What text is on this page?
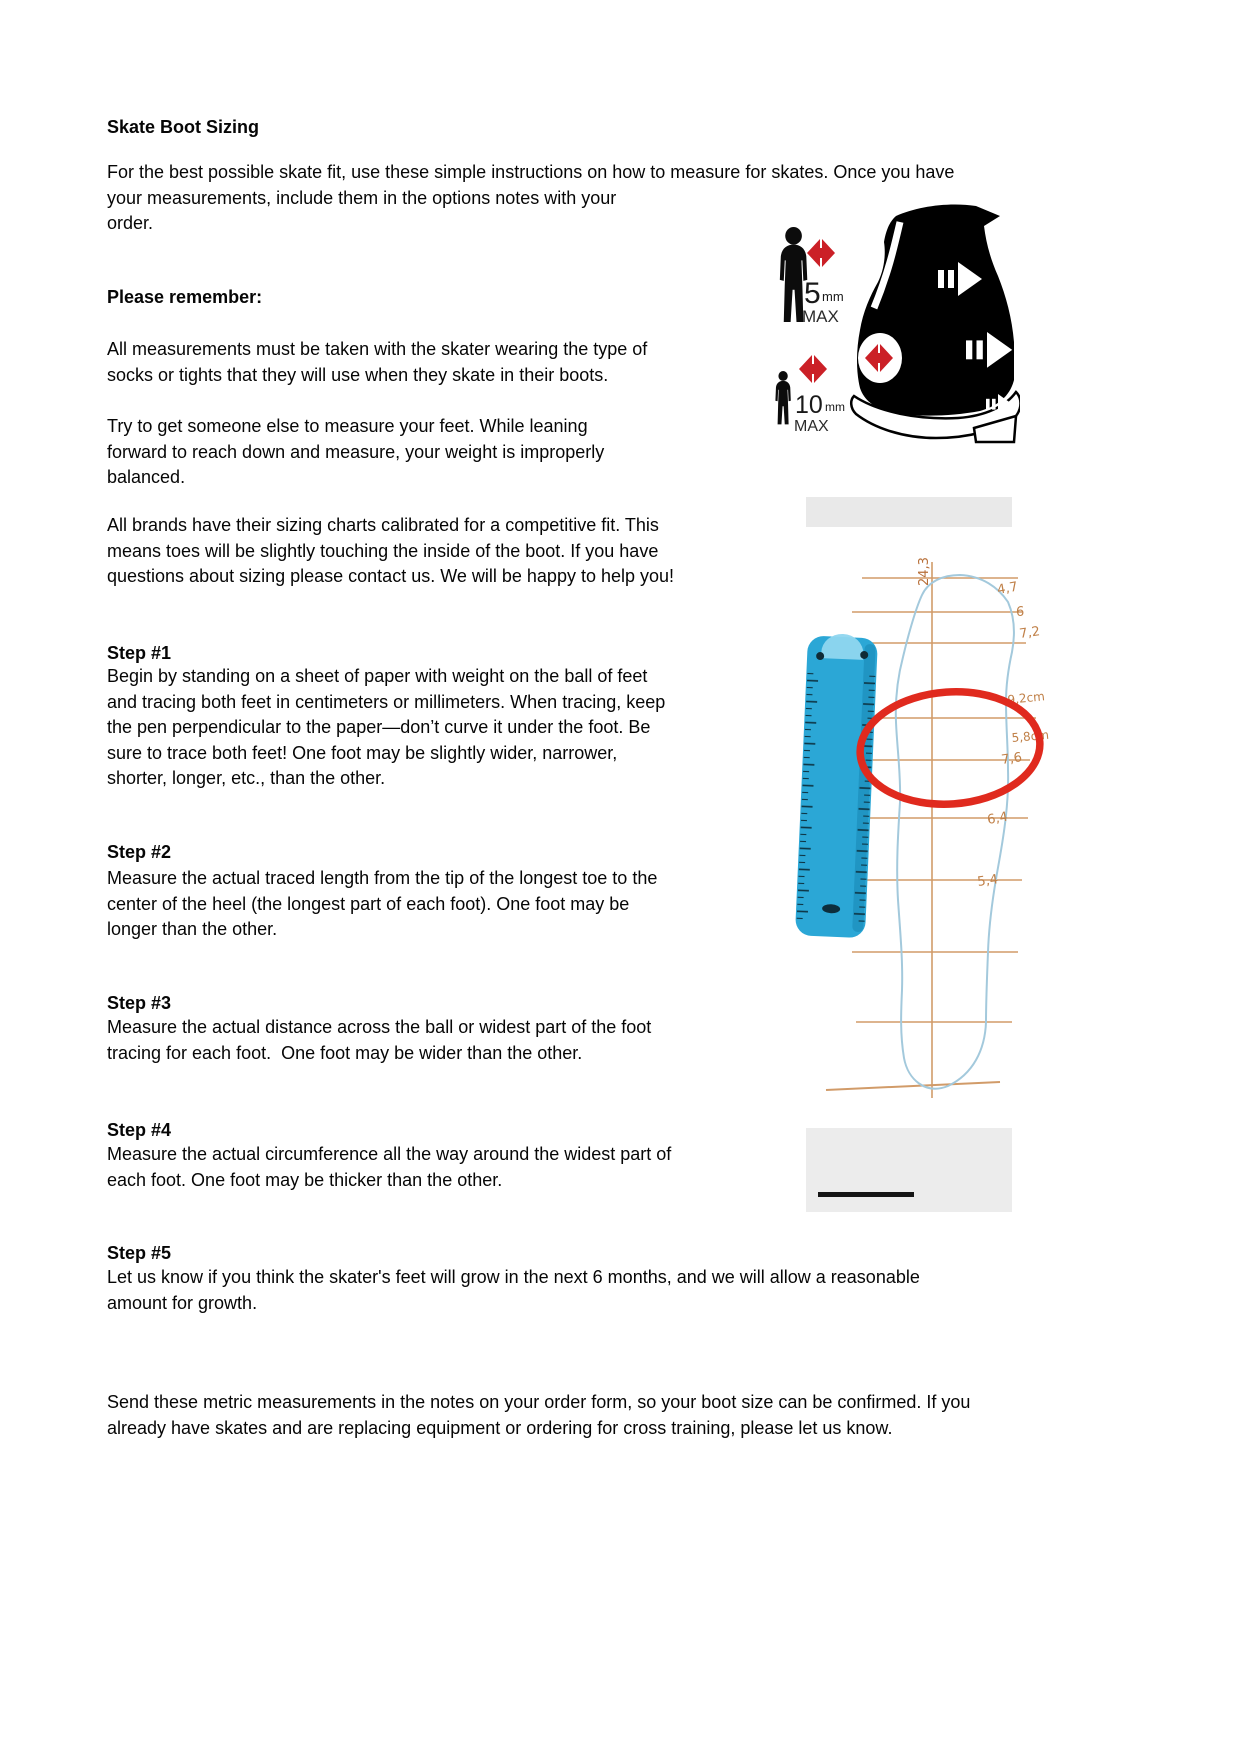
Skate Boot Sizing
For the best possible skate fit, use these simple instructions on how to measure for skates. Once you have
your measurements, include them in the options notes with your
order.
Please remember:
All measurements must be taken with the skater wearing the type of
socks or tights that they will use when they skate in their boots.
Try to get someone else to measure your feet. While leaning
forward to reach down and measure, your weight is improperly
balanced.
All brands have their sizing charts calibrated for a competitive fit. This
means toes will be slightly touching the inside of the boot. If you have
questions about sizing please contact us. We will be happy to help you!
Step #1
Begin by standing on a sheet of paper with weight on the ball of feet
and tracing both feet in centimeters or millimeters. When tracing, keep
the pen perpendicular to the paper—don’t curve it under the foot. Be
sure to trace both feet! One foot may be slightly wider, narrower,
shorter, longer, etc., than the other.
Step #2
Measure the actual traced length from the tip of the longest toe to the
center of the heel (the longest part of each foot). One foot may be
longer than the other.
Step #3
Measure the actual distance across the ball or widest part of the foot
tracing for each foot.  One foot may be wider than the other.
Step #4
Measure the actual circumference all the way around the widest part of
each foot. One foot may be thicker than the other.
Step #5
Let us know if you think the skater's feet will grow in the next 6 months, and we will allow a reasonable
amount for growth.
Send these metric measurements in the notes on your order form, so your boot size can be confirmed. If you
already have skates and are replacing equipment or ordering for cross training, please let us know.
5 mm
MAX
10 mm
MAX
24,3
4,7
6
7,2
9,2cm
5,8cm
7,6
6,4
5,4
